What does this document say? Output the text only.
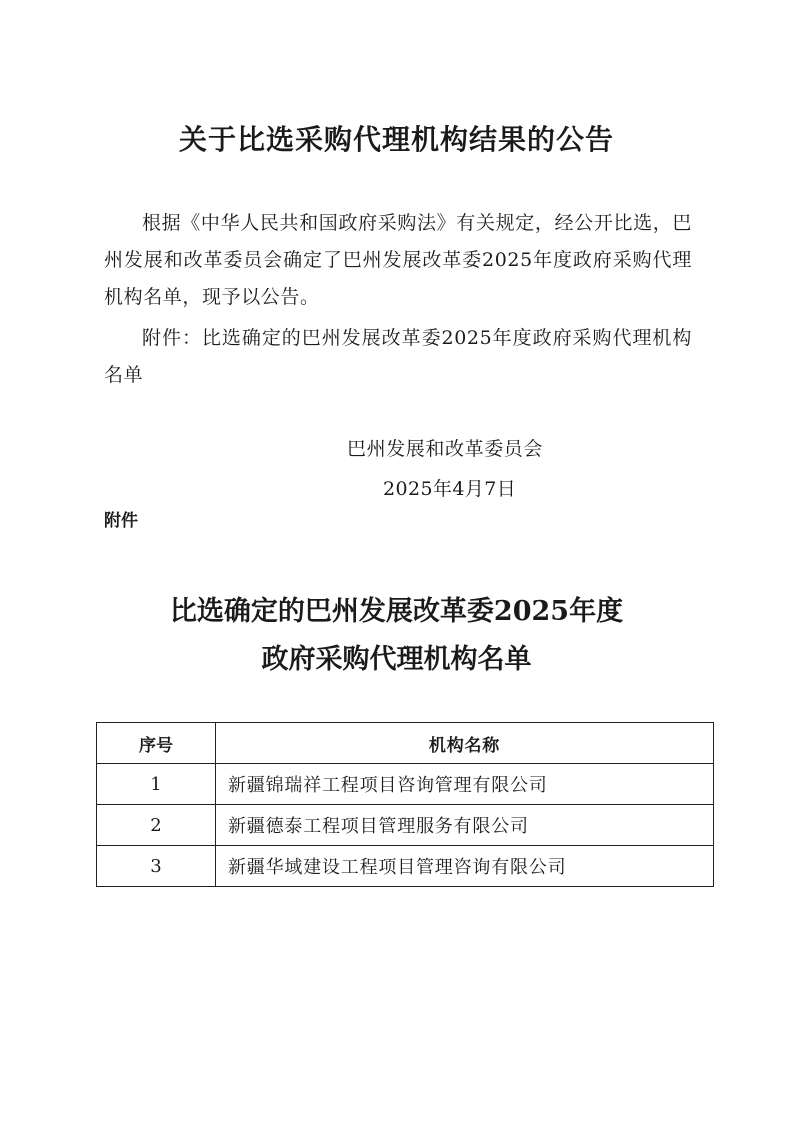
关于比选采购代理机构结果的公告
根据《中华人民共和国政府采购法》有关规定，经公开比选，巴州发展和改革委员会确定了巴州发展改革委2025年度政府采购代理机构名单，现予以公告。
附件：比选确定的巴州发展改革委2025年度政府采购代理机构名单
巴州发展和改革委员会
2025年4月7日
附件
比选确定的巴州发展改革委2025年度
政府采购代理机构名单
序号	机构名称
1	新疆锦瑞祥工程项目咨询管理有限公司
2	新疆德泰工程项目管理服务有限公司
3	新疆华域建设工程项目管理咨询有限公司
